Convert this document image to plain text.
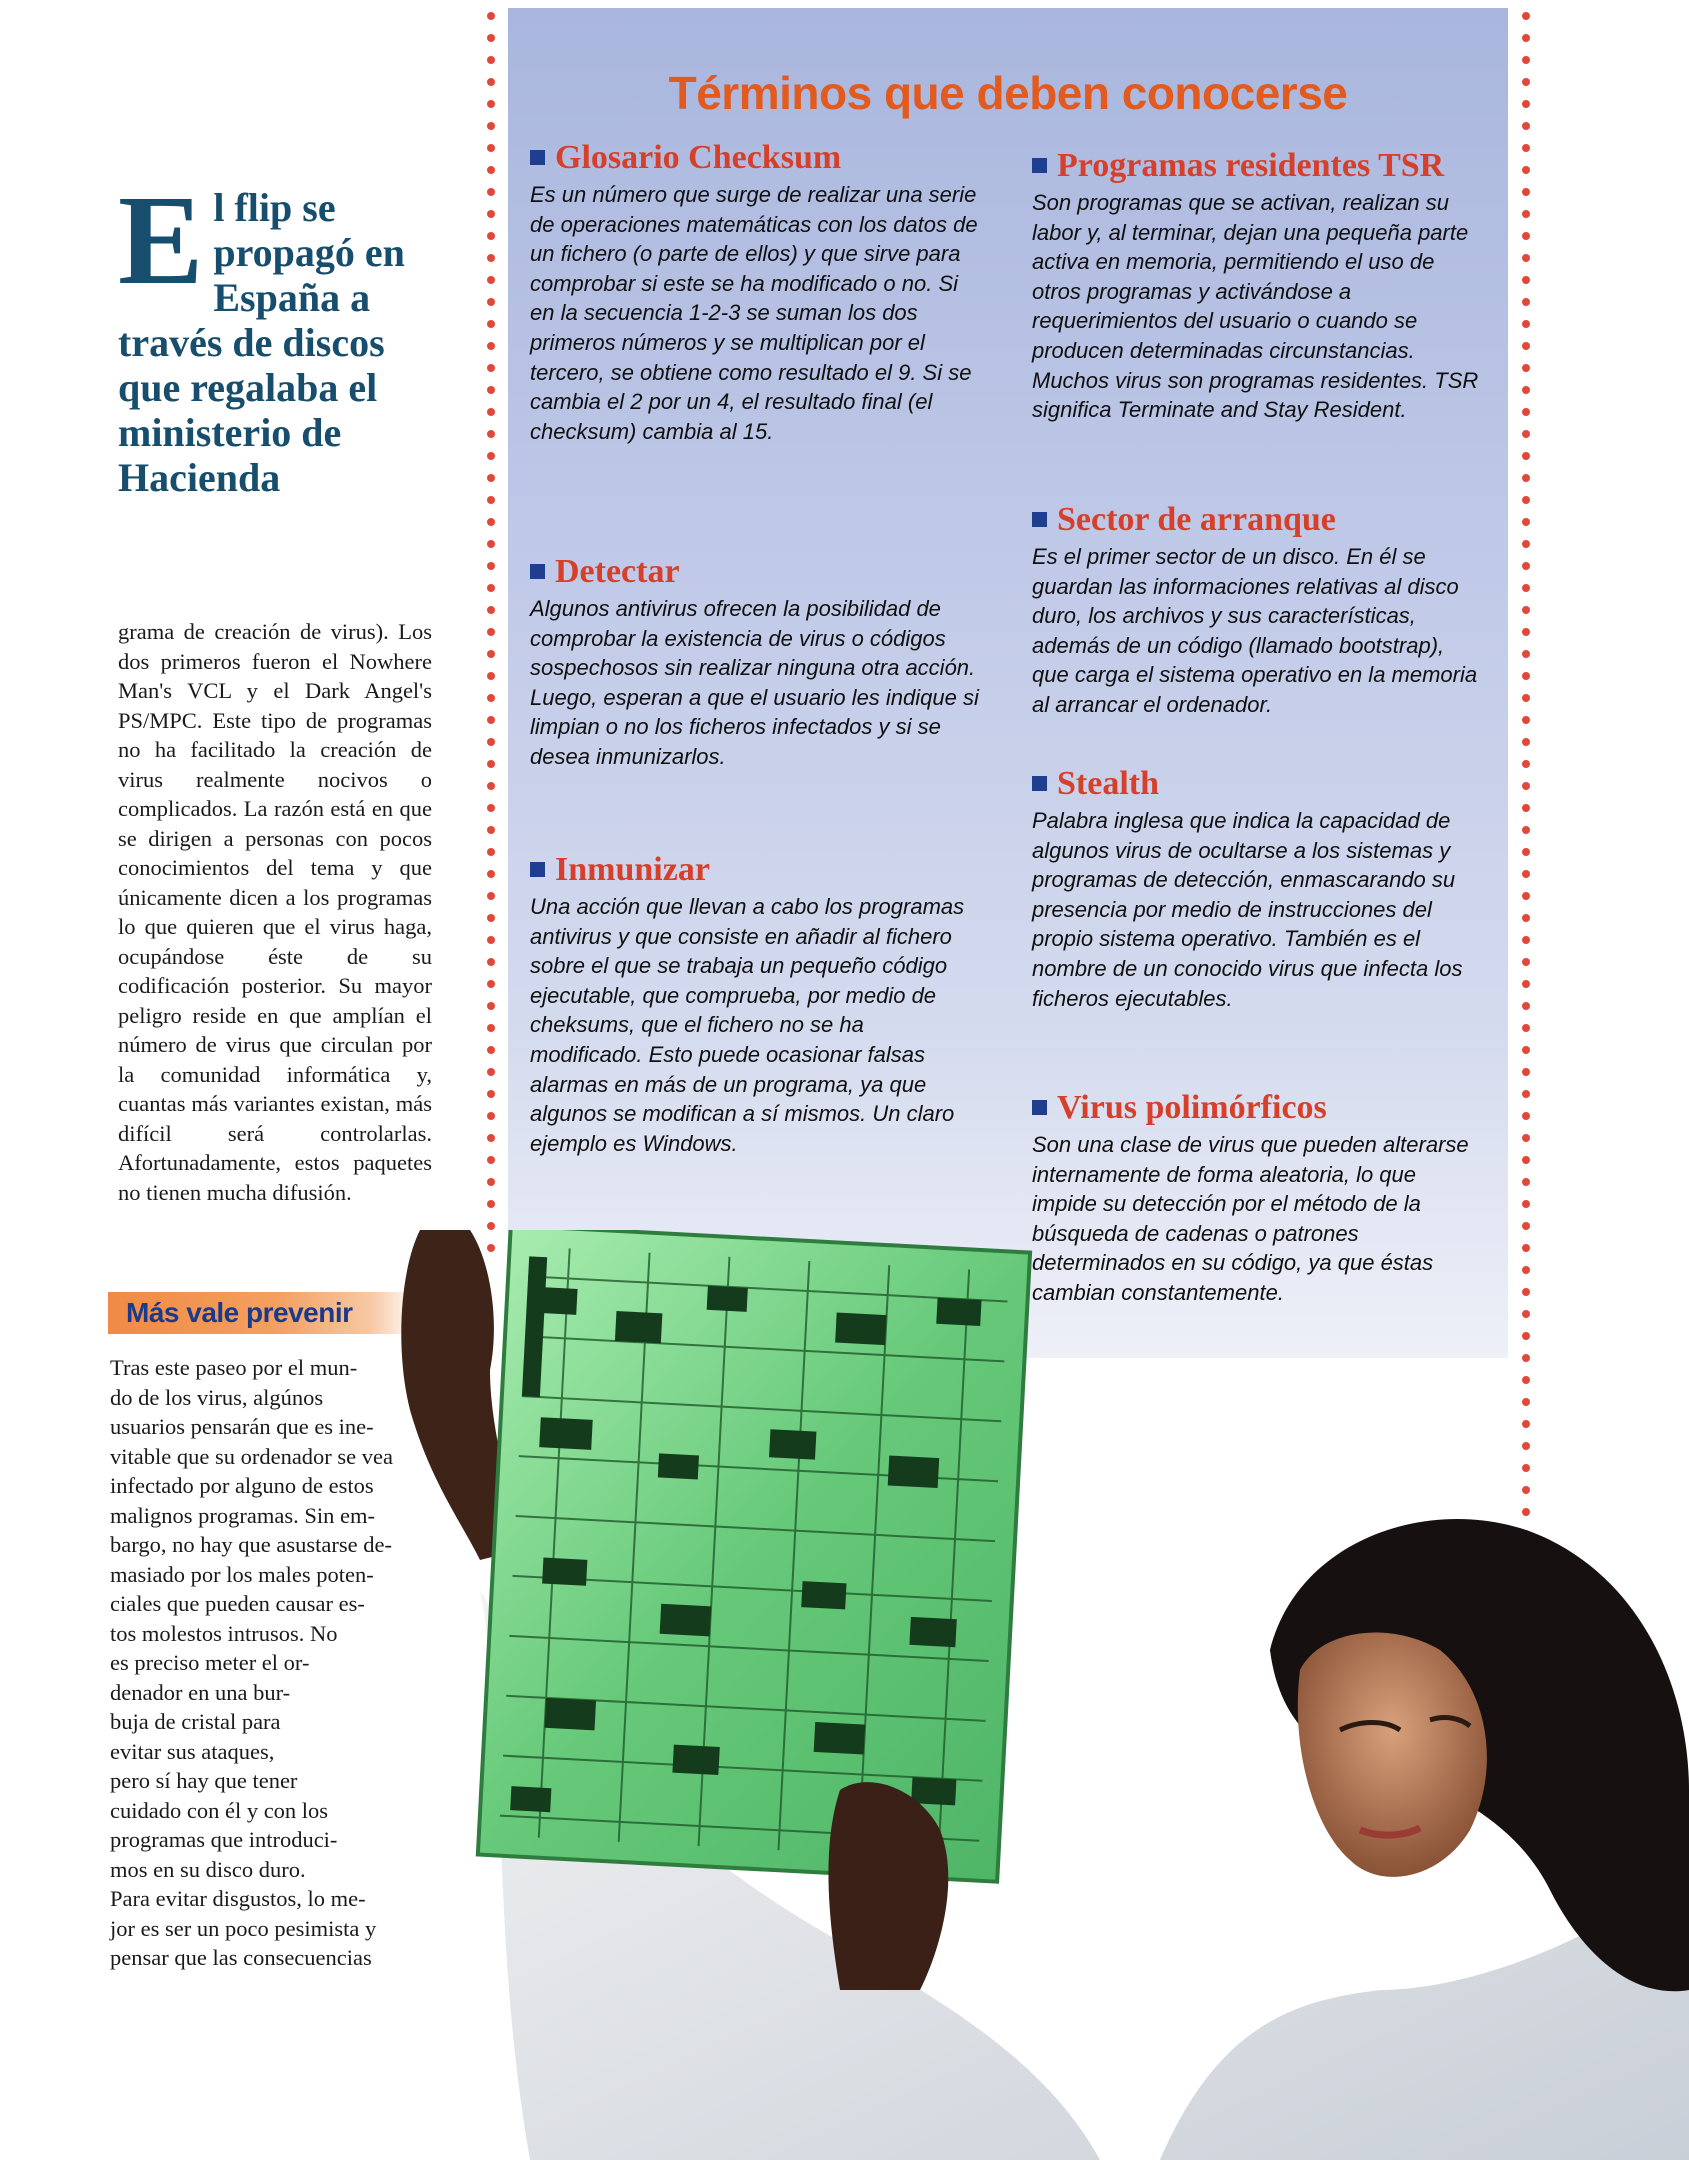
E l flip se propagó en España a través de discos que regalaba el ministerio de Hacienda
grama de creación de virus). Los dos primeros fueron el Nowhere Man's VCL y el Dark Angel's PS/MPC. Este tipo de programas no ha facilitado la creación de virus realmente nocivos o complicados. La razón está en que se dirigen a personas con pocos conocimientos del tema y que únicamente dicen a los programas lo que quieren que el virus haga, ocupándose éste de su codificación posterior. Su mayor peligro reside en que amplían el número de virus que circulan por la comunidad informática y, cuantas más variantes existan, más difícil será controlarlas. Afortunadamente, estos paquetes no tienen mucha difusión.
Más vale prevenir
Tras este paseo por el mun-
do de los virus, algúnos
usuarios pensarán que es ine-
vitable que su ordenador se vea
infectado por alguno de estos
malignos programas. Sin em-
bargo, no hay que asustarse de-
masiado por los males poten-
ciales que pueden causar es-
tos molestos intrusos. No
es preciso meter el or-
denador en una bur-
buja de cristal para
evitar sus ataques,
pero sí hay que tener
cuidado con él y con los
programas que introduci-
mos en su disco duro.
Para evitar disgustos, lo me-
jor es ser un poco pesimista y
pensar que las consecuencias
Términos que deben conocerse
Glosario Checksum

Es un número que surge de realizar una serie de operaciones matemáticas con los datos de un fichero (o parte de ellos) y que sirve para comprobar si este se ha modificado o no. Si en la secuencia 1-2-3 se suman los dos primeros números y se multiplican por el tercero, se obtiene como resultado el 9. Si se cambia el 2 por un 4, el resultado final (el checksum) cambia al 15.

Detectar

Algunos antivirus ofrecen la posibilidad de comprobar la existencia de virus o códigos sospechosos sin realizar ninguna otra acción. Luego, esperan a que el usuario les indique si limpian o no los ficheros infectados y si se desea inmunizarlos.

Inmunizar

Una acción que llevan a cabo los programas antivirus y que consiste en añadir al fichero sobre el que se trabaja un pequeño código ejecutable, que comprueba, por medio de cheksums, que el fichero no se ha modificado. Esto puede ocasionar falsas alarmas en más de un programa, ya que algunos se modifican a sí mismos. Un claro ejemplo es Windows.

Programas residentes TSR

Son programas que se activan, realizan su labor y, al terminar, dejan una pequeña parte activa en memoria, permitiendo el uso de otros programas y activándose a requerimientos del usuario o cuando se producen determinadas circunstancias. Muchos virus son programas residentes. TSR significa Terminate and Stay Resident.

Sector de arranque

Es el primer sector de un disco. En él se guardan las informaciones relativas al disco duro, los archivos y sus características, además de un código (llamado bootstrap), que carga el sistema operativo en la memoria al arrancar el ordenador.

Stealth

Palabra inglesa que indica la capacidad de algunos virus de ocultarse a los sistemas y programas de detección, enmascarando su presencia por medio de instrucciones del propio sistema operativo. También es el nombre de un conocido virus que infecta los ficheros ejecutables.

Virus polimórficos

Son una clase de virus que pueden alterarse internamente de forma aleatoria, lo que impide su detección por el método de la búsqueda de cadenas o patrones determinados en su código, ya que éstas cambian constantemente.
